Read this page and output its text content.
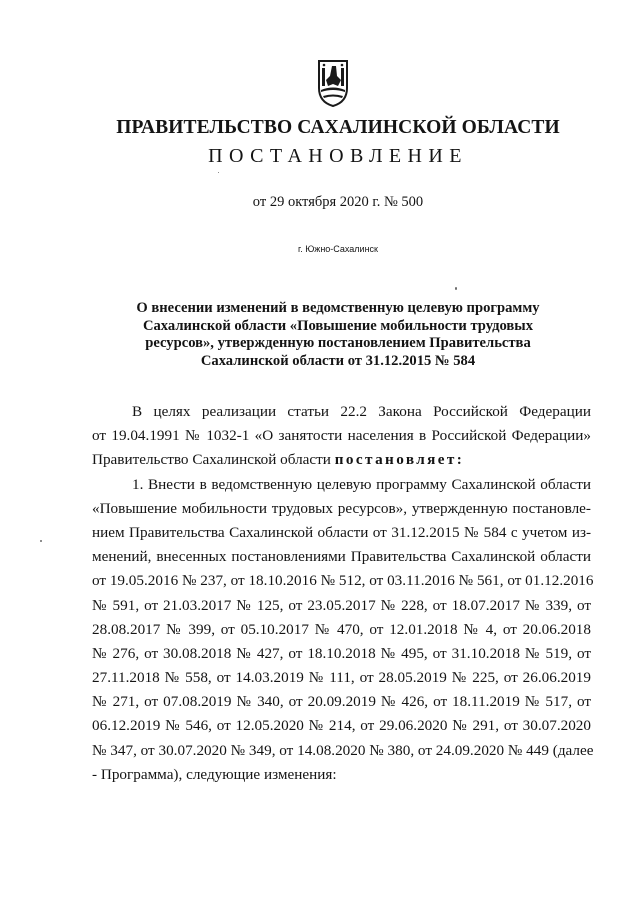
ПРАВИТЕЛЬСТВО САХАЛИНСКОЙ ОБЛАСТИ
ПОСТАНОВЛЕНИЕ
от 29 октября 2020 г. № 500
г. Южно-Сахалинск
О внесении изменений в ведомственную целевую программу
Сахалинской области «Повышение мобильности трудовых
ресурсов», утвержденную постановлением Правительства
Сахалинской области от 31.12.2015 № 584
В целях реализации статьи 22.2 Закона Российской Федерации
от 19.04.1991 № 1032-1 «О занятости населения в Российской Федерации»
Правительство Сахалинской области постановляет:
1. Внести в ведомственную целевую программу Сахалинской области
«Повышение мобильности трудовых ресурсов», утвержденную постановле-
нием Правительства Сахалинской области от 31.12.2015 № 584 с учетом из-
менений, внесенных постановлениями Правительства Сахалинской области
от 19.05.2016 № 237, от 18.10.2016 № 512, от 03.11.2016 № 561, от 01.12.2016
№ 591, от 21.03.2017 № 125, от 23.05.2017 № 228, от 18.07.2017 № 339, от
28.08.2017 № 399, от 05.10.2017 № 470, от 12.01.2018 № 4, от 20.06.2018
№ 276, от 30.08.2018 № 427, от 18.10.2018 № 495, от 31.10.2018 № 519, от
27.11.2018 № 558, от 14.03.2019 № 111, от 28.05.2019 № 225, от 26.06.2019
№ 271, от 07.08.2019 № 340, от 20.09.2019 № 426, от 18.11.2019 № 517, от
06.12.2019 № 546, от 12.05.2020 № 214, от 29.06.2020 № 291, от 30.07.2020
№ 347, от 30.07.2020 № 349, от 14.08.2020 № 380, от 24.09.2020 № 449 (далее
- Программа), следующие изменения:
